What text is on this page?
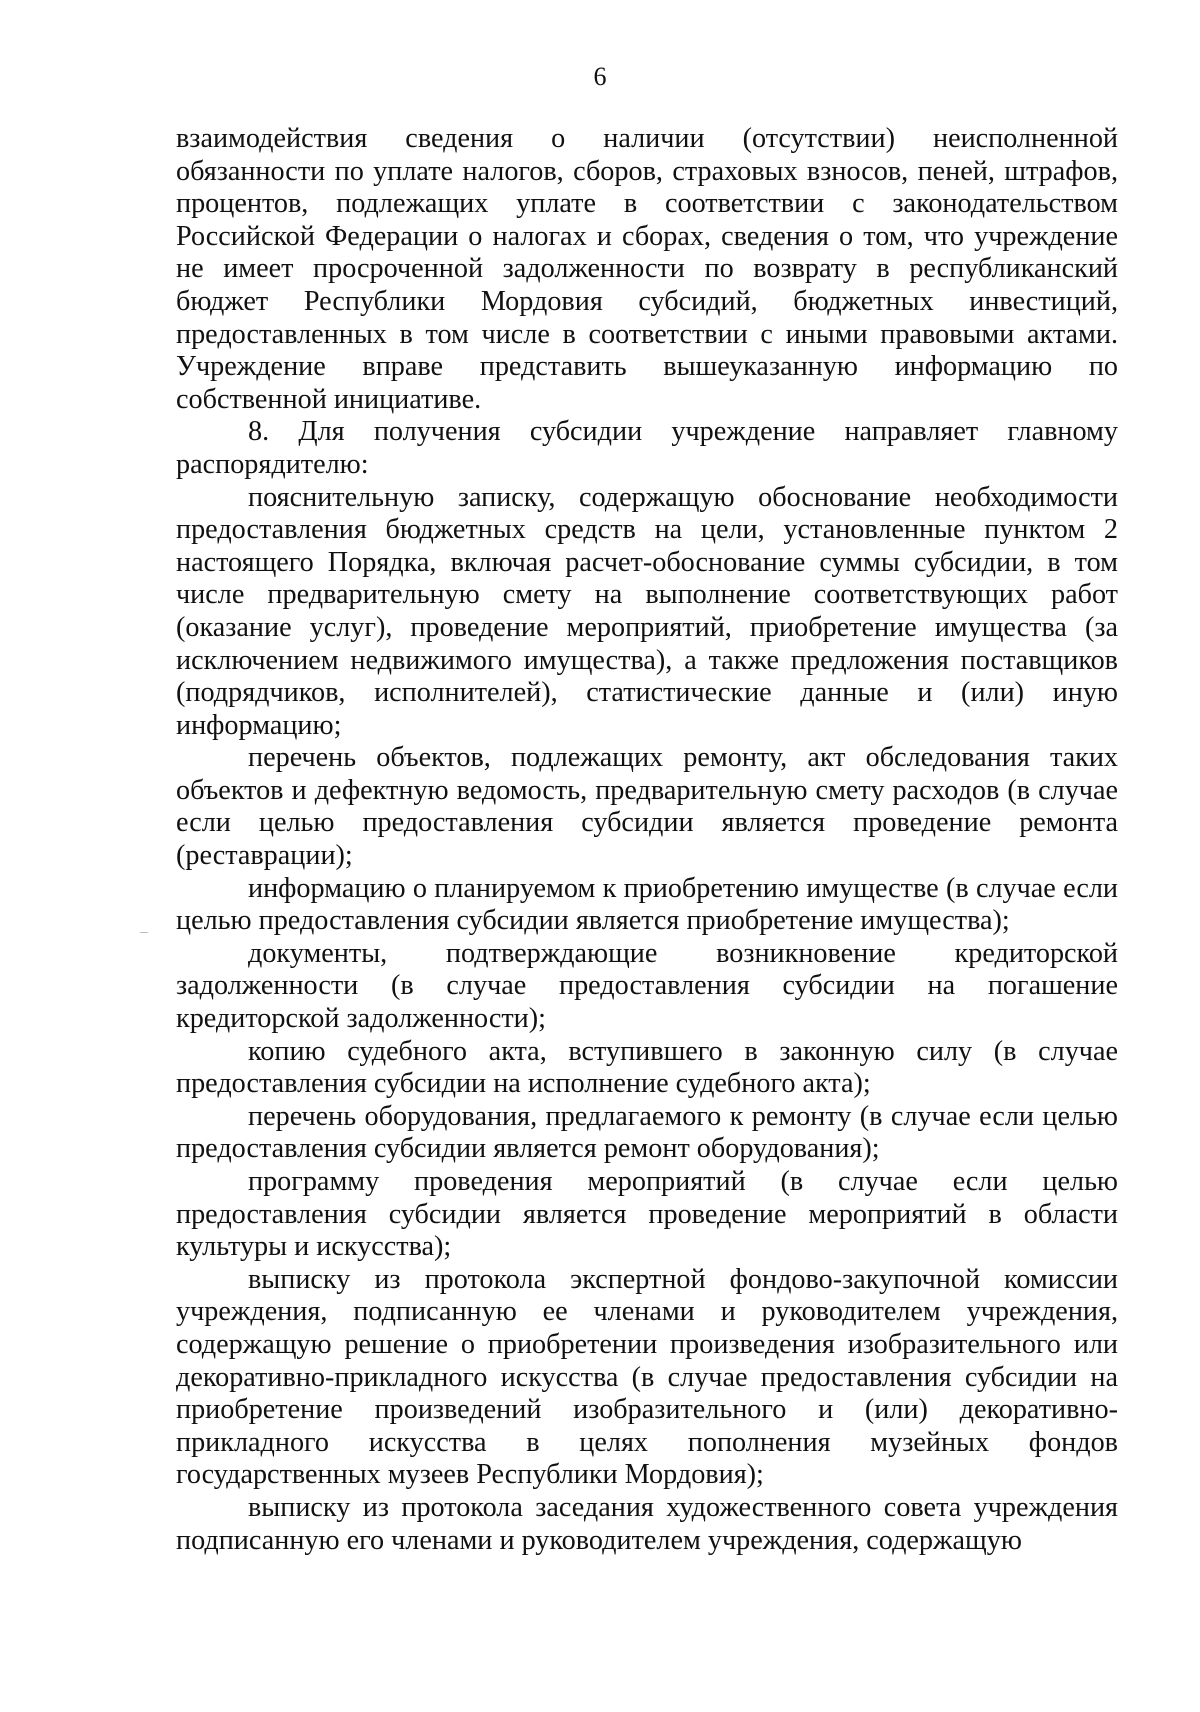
6

взаимодействия сведения о наличии (отсутствии) неисполненной обязанности по уплате налогов, сборов, страховых взносов, пеней, штрафов, процентов, подлежащих уплате в соответствии с законодательством Российской Федерации о налогах и сборах, сведения о том, что учреждение не имеет просроченной задолженности по возврату в республиканский бюджет Республики Мордовия субсидий, бюджетных инвестиций, предоставленных в том числе в соответствии с иными правовыми актами. Учреждение вправе представить вышеуказанную информацию по собственной инициативе.

8. Для получения субсидии учреждение направляет главному распорядителю:

пояснительную записку, содержащую обоснование необходимости предоставления бюджетных средств на цели, установленные пунктом 2 настоящего Порядка, включая расчет-обоснование суммы субсидии, в том числе предварительную смету на выполнение соответствующих работ (оказание услуг), проведение мероприятий, приобретение имущества (за исключением недвижимого имущества), а также предложения поставщиков (подрядчиков, исполнителей), статистические данные и (или) иную информацию;

перечень объектов, подлежащих ремонту, акт обследования таких объектов и дефектную ведомость, предварительную смету расходов (в случае если целью предоставления субсидии является проведение ремонта (реставрации);

информацию о планируемом к приобретению имуществе (в случае если целью предоставления субсидии является приобретение имущества);

документы, подтверждающие возникновение кредиторской задолженности (в случае предоставления субсидии на погашение кредиторской задолженности);

копию судебного акта, вступившего в законную силу (в случае предоставления субсидии на исполнение судебного акта);

перечень оборудования, предлагаемого к ремонту (в случае если целью предоставления субсидии является ремонт оборудования);

программу проведения мероприятий (в случае если целью предоставления субсидии является проведение мероприятий в области культуры и искусства);

выписку из протокола экспертной фондово-закупочной комиссии учреждения, подписанную ее членами и руководителем учреждения, содержащую решение о приобретении произведения изобразительного или декоративно-прикладного искусства (в случае предоставления субсидии на приобретение произведений изобразительного и (или) декоративно-прикладного искусства в целях пополнения музейных фондов государственных музеев Республики Мордовия);

выписку из протокола заседания художественного совета учреждения подписанную его членами и руководителем учреждения, содержащую
